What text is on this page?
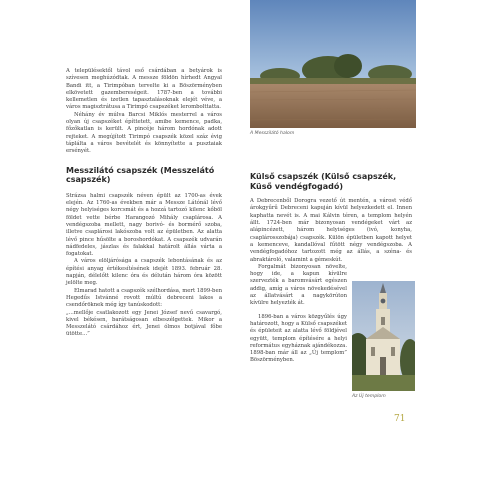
A településektől távol eső csárdában a betyárok is szívesen meghúzódtak. A messze földön hírhedt Angyal Bandi itt, a Tirimpóban tervelte ki a Böszörményben elkövetett gazembereségeit. 1787-ben a további kellemetlen és izetlen tapasztalásoknak elejét véve, a város magisztrátusa a Tirimpó csapszéket lerombolttatta.

Néhány év múlva Barcsi Miklós mesterrel a város olyan új csapszéket építtetett, amibe kemence, padka, főzőkatlan is került. A pincéje három hordónak adott rejteket. A megújított Tirimpó csapszék közel száz évig táplálta a város bevételét és könnyítette a pusztaiak ersényét.

Messzilátó csapszék (Messzelátó csapszék)

Strázsa halmi csapszék néven épült az 1700-as évek elején. Az 1760-as években már a Messze Látónál lévő négy helyiséges korcsmát és a hozzá tartozó kilenc kőböl földet vette bérbe Harangozó Mihály csaplárosa. A vendégszoba mellett, nagy borivó- és bormérő szoba, illetve csaplárosi lakószoba volt az épületben. Az alatta lévő pince hűsölte a boroshordókat. A csapszék udvarán nádfedeles, jászlas és falakkal határolt állás várta a fogatokat.

A város elöljárósága a csapszék lebontásának és az építési anyag értékesítésének idejét 1893. február 28. napján, délelőtt kilenc óra és délután három óra között jelölte meg.

Elmarad hatott a csapszék szélhordása, mert 1899-ben Hegedűs Istvánné rovott múltú debreceni lakos a csendőröknek még így tanúskodott:

„...mellője csatlakozott egy Jenei József nevű csavargó, kivel békésen, barátságosan elbeszélgettek. Mikor a Messzelátó csárdához ért, Jenei ólmos botjával főbe ütötte...”

A Messzilátó halom
Külső csapszék (Külső csapszék, Küső vendégfogadó)

A Debrecenből Dorogra vezető út mentén, a várost védő árokgyűrű Debreceni kapuján kívül helyezkedett el. Innen kaphatta nevét is. A mai Kálvin téren, a templom helyén állt. 1724-ben már bizonyosan vendégeket várt az alápincézett, három helyiséges (ivó, konyha, csaplárosszobája) csapszék. Külön épületben kapott helyet a kemenceve, kandallóval fűtött négy vendégszoba. A vendégfogadóhoz tartozott még az állás, a széna- és abraktároló, valamint a gémeskút.

Forgalmát bizonyosan növelte, hogy ide, a kapun kívülre szervezték a baromvásárt egészen addig, amíg a város növekedésével az állatvásárt a nagykörúton kívülre helyezték át.

1896-ban a város közgyűlés úgy határozott, hogy a Külső csapszéket és épületeit az alatta lévő földjével együtt, templom építésére a helyi református egyháznak ajándékozza. 1898-ban már áll az „Új templom” Böszörményben.

Az Új templom
71
